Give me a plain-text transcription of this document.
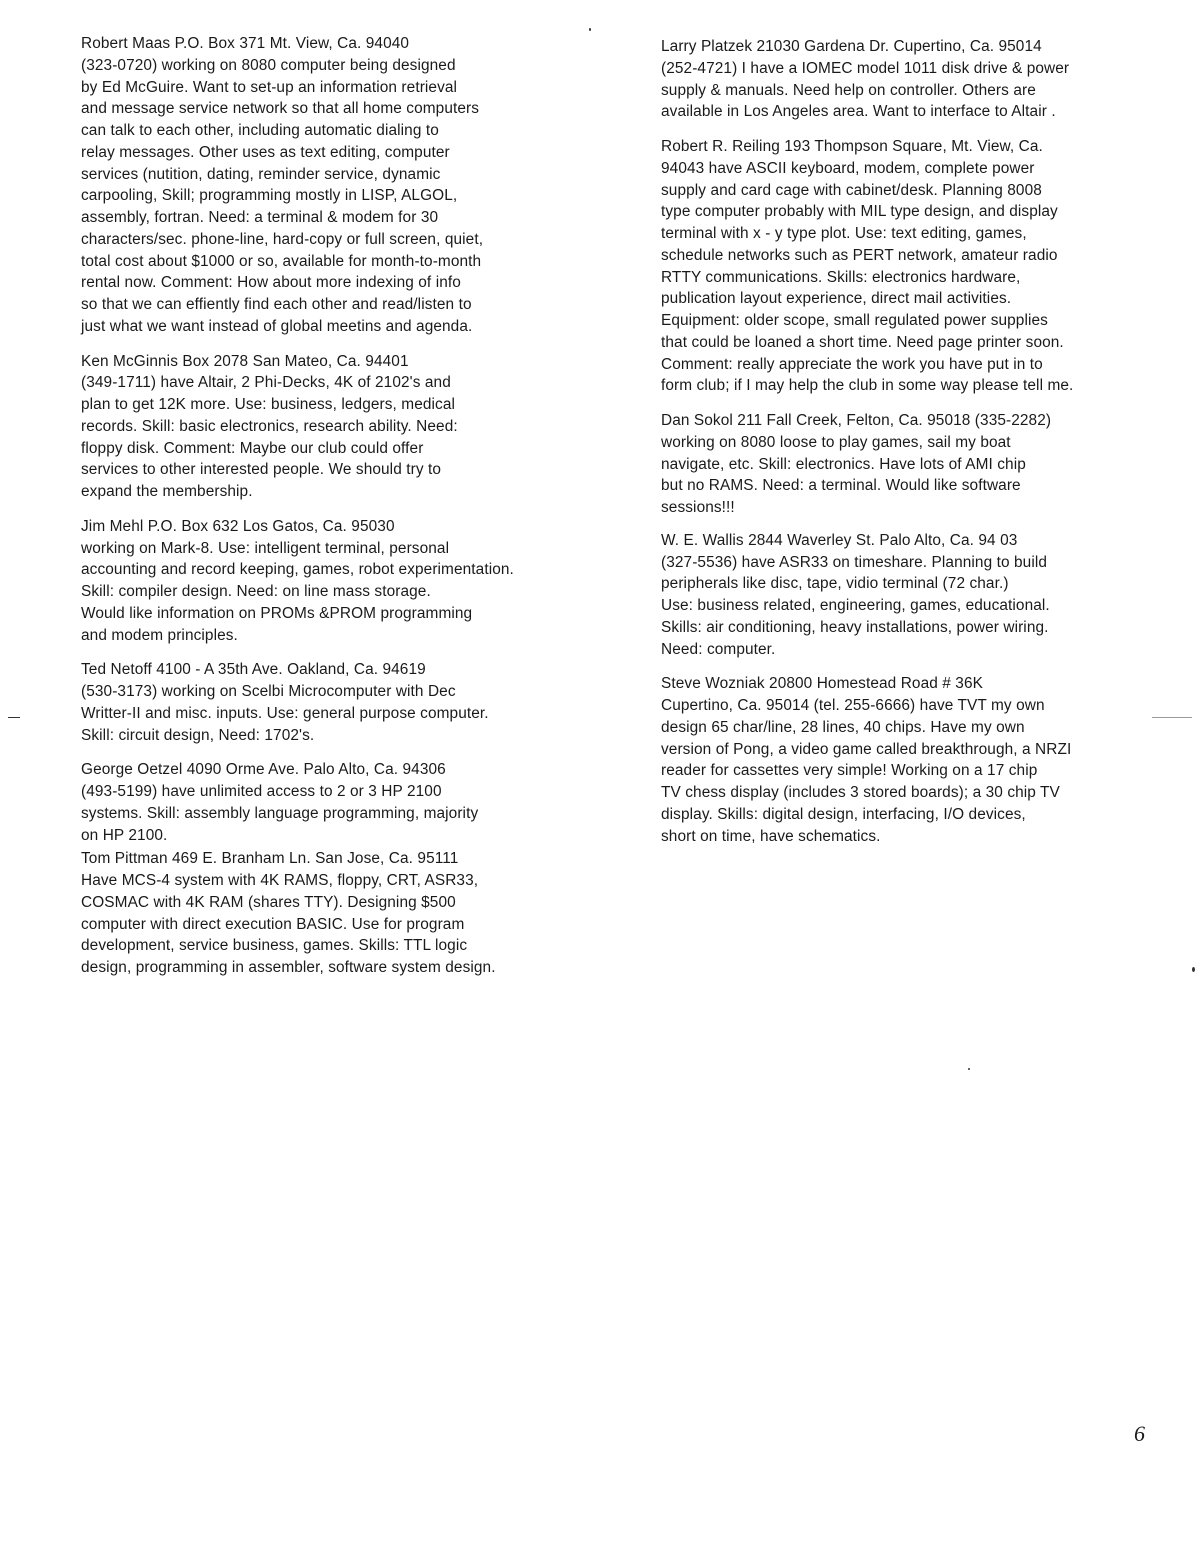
Robert Maas P.O. Box 371 Mt. View, Ca. 94040
(323-0720) working on 8080 computer being designed
by Ed McGuire. Want to set-up an information retrieval
and message service network so that all home computers
can talk to each other, including automatic dialing to
relay messages. Other uses as text editing, computer
services (nutition, dating, reminder service, dynamic
carpooling, Skill; programming mostly in LISP, ALGOL,
assembly, fortran. Need: a terminal & modem for 30
characters/sec. phone-line, hard-copy or full screen, quiet,
total cost about $1000 or so, available for month-to-month
rental now. Comment: How about more indexing of info
so that we can effiently find each other and read/listen to
just what we want instead of global meetins and agenda.
Ken McGinnis Box 2078 San Mateo, Ca. 94401
(349-1711) have Altair, 2 Phi-Decks, 4K of 2102's and
plan to get 12K more. Use: business, ledgers, medical
records. Skill: basic electronics, research ability. Need:
floppy disk. Comment: Maybe our club could offer
services to other interested people. We should try to
expand the membership.
Jim Mehl P.O. Box 632 Los Gatos, Ca. 95030
working on Mark-8. Use: intelligent terminal, personal
accounting and record keeping, games, robot experimentation.
Skill: compiler design. Need: on line mass storage.
Would like information on PROMs &PROM programming
and modem principles.
Ted Netoff 4100 - A 35th Ave. Oakland, Ca. 94619
(530-3173) working on Scelbi Microcomputer with Dec
Writter-II and misc. inputs. Use: general purpose computer.
Skill: circuit design, Need: 1702's.
George Oetzel 4090 Orme Ave. Palo Alto, Ca. 94306
(493-5199) have unlimited access to 2 or 3 HP 2100
systems. Skill: assembly language programming, majority
on HP 2100.
Tom Pittman 469 E. Branham Ln. San Jose, Ca. 95111
Have MCS-4 system with 4K RAMS, floppy, CRT, ASR33,
COSMAC with 4K RAM (shares TTY). Designing $500
computer with direct execution BASIC. Use for program
development, service business, games. Skills: TTL logic
design, programming in assembler, software system design.
Larry Platzek 21030 Gardena Dr. Cupertino, Ca. 95014
(252-4721) I have a IOMEC model 1011 disk drive & power
supply & manuals. Need help on controller. Others are
available in Los Angeles area. Want to interface to Altair .
Robert R. Reiling 193 Thompson Square, Mt. View, Ca.
94043 have ASCII keyboard, modem, complete power
supply and card cage with cabinet/desk. Planning 8008
type computer probably with MIL type design, and display
terminal with x - y type plot. Use: text editing, games,
schedule networks such as PERT network, amateur radio
RTTY communications. Skills: electronics hardware,
publication layout experience, direct mail activities.
Equipment: older scope, small regulated power supplies
that could be loaned a short time. Need page printer soon.
Comment: really appreciate the work you have put in to
form club; if I may help the club in some way please tell me.
Dan Sokol 211 Fall Creek, Felton, Ca. 95018 (335-2282)
working on 8080 loose to play games, sail my boat
navigate, etc. Skill: electronics. Have lots of AMI chip
but no RAMS. Need: a terminal. Would like software
sessions!!!
W. E. Wallis 2844 Waverley St. Palo Alto, Ca. 94 03
(327-5536) have ASR33 on timeshare. Planning to build
peripherals like disc, tape, vidio terminal (72 char.)
Use: business related, engineering, games, educational.
Skills: air conditioning, heavy installations, power wiring.
Need: computer.
Steve Wozniak 20800 Homestead Road # 36K
Cupertino, Ca. 95014 (tel. 255-6666) have TVT my own
design 65 char/line, 28 lines, 40 chips. Have my own
version of Pong, a video game called breakthrough, a NRZI
reader for cassettes very simple! Working on a 17 chip
TV chess display (includes 3 stored boards); a 30 chip TV
display. Skills: digital design, interfacing, I/O devices,
short on time, have schematics.
6
